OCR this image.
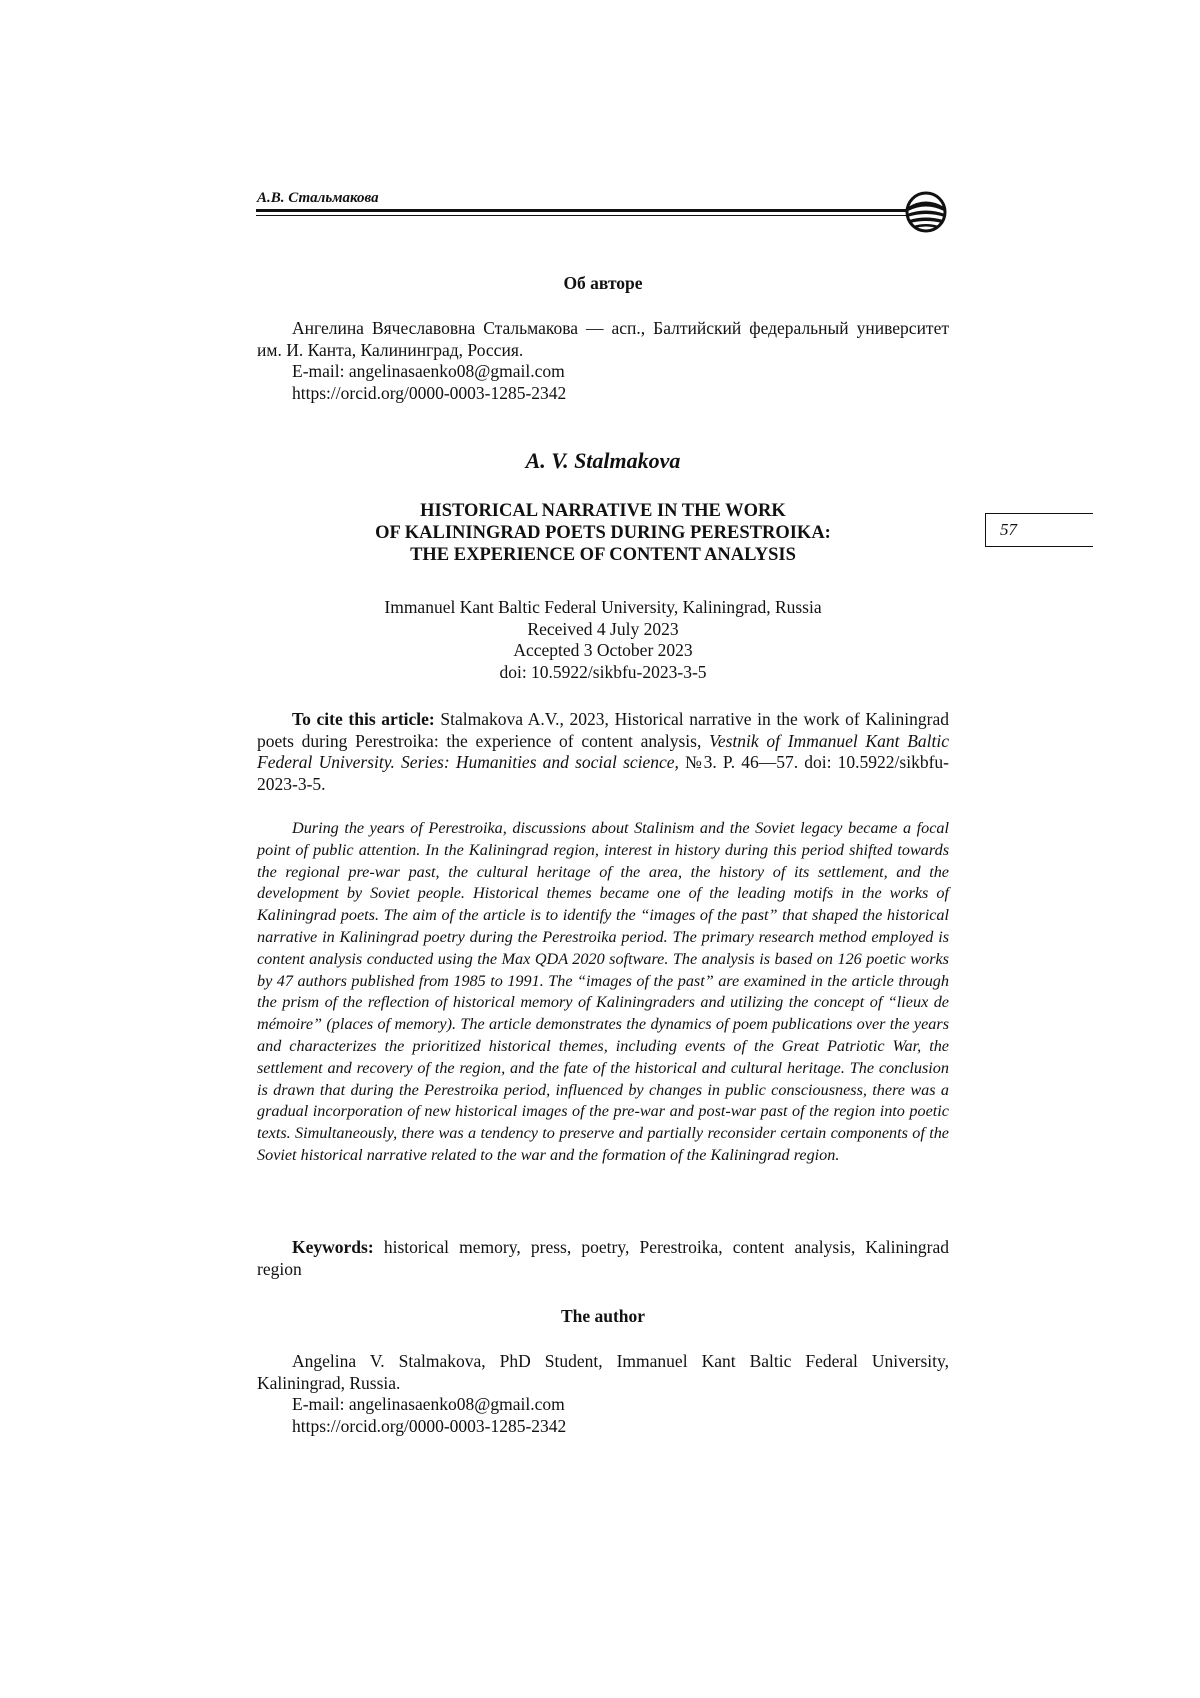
А.В. Стальмакова
57
Об авторе

Ангелина Вячеславовна Стальмакова — асп., Балтийский федеральный университет им. И. Канта, Калининград, Россия.

E-mail: angelinasaenko08@gmail.com

https://orcid.org/0000-0003-1285-2342

A. V. Stalmakova
HISTORICAL NARRATIVE IN THE WORK
OF KALININGRAD POETS DURING PERESTROIKA:
THE EXPERIENCE OF CONTENT ANALYSIS
Immanuel Kant Baltic Federal University, Kaliningrad, Russia
Received 4 July 2023
Accepted 3 October 2023
doi: 10.5922/sikbfu-2023-3-5

To cite this article: Stalmakova A.V., 2023, Historical narrative in the work of Kaliningrad poets during Perestroika: the experience of content analysis, Vestnik of Immanuel Kant Baltic Federal University. Series: Humanities and social science, №3. P. 46—57. doi: 10.5922/sikbfu-2023-3-5.

During the years of Perestroika, discussions about Stalinism and the Soviet legacy became a focal point of public attention. In the Kaliningrad region, interest in history during this period shifted towards the regional pre-war past, the cultural heritage of the area, the history of its settlement, and the development by Soviet people. Historical themes became one of the leading motifs in the works of Kaliningrad poets. The aim of the article is to identify the “images of the past” that shaped the historical narrative in Kaliningrad poetry during the Perestroika period. The primary research method employed is content analysis conducted using the Max QDA 2020 software. The analysis is based on 126 poetic works by 47 authors published from 1985 to 1991. The “images of the past” are examined in the article through the prism of the reflection of historical memory of Kaliningraders and utilizing the concept of “lieux de mémoire” (places of memory). The article demonstrates the dynamics of poem publications over the years and characterizes the prioritized historical themes, including events of the Great Patriotic War, the settlement and recovery of the region, and the fate of the historical and cultural heritage. The conclusion is drawn that during the Perestroika period, influenced by changes in public consciousness, there was a gradual incorporation of new historical images of the pre-war and post-war past of the region into poetic texts. Simultaneously, there was a tendency to preserve and partially reconsider certain components of the Soviet historical narrative related to the war and the formation of the Kaliningrad region.

Keywords: historical memory, press, poetry, Perestroika, content analysis, Kaliningrad region

The author

Angelina V. Stalmakova, PhD Student, Immanuel Kant Baltic Federal University, Kaliningrad, Russia.

E-mail: angelinasaenko08@gmail.com

https://orcid.org/0000-0003-1285-2342
